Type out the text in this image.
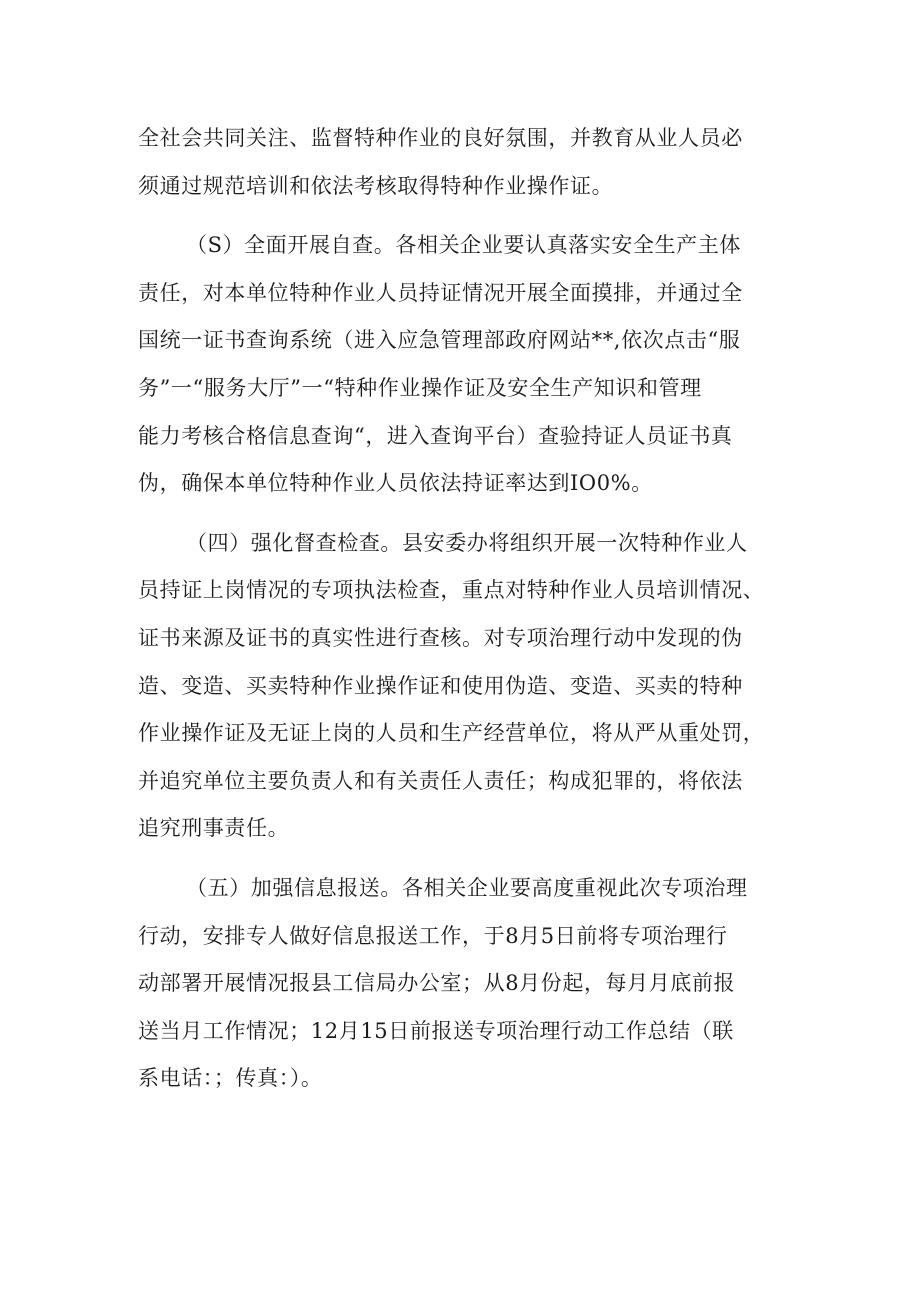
全社会共同关注、监督特种作业的良好氛围，并教育从业人员必
须通过规范培训和依法考核取得特种作业操作证。
（S）全面开展自查。各相关企业要认真落实安全生产主体
责任，对本单位特种作业人员持证情况开展全面摸排，并通过全
国统一证书查询系统（进入应急管理部政府网站**,依次点击“服
务”一“服务大厅”一“特种作业操作证及安全生产知识和管理
能力考核合格信息查询“，进入查询平台）查验持证人员证书真
伪，确保本单位特种作业人员依法持证率达到IO0%。
（四）强化督查检查。县安委办将组织开展一次特种作业人
员持证上岗情况的专项执法检查，重点对特种作业人员培训情况、
证书来源及证书的真实性进行查核。对专项治理行动中发现的伪
造、变造、买卖特种作业操作证和使用伪造、变造、买卖的特种
作业操作证及无证上岗的人员和生产经营单位，将从严从重处罚，
并追究单位主要负责人和有关责任人责任；构成犯罪的，将依法
追究刑事责任。
（五）加强信息报送。各相关企业要高度重视此次专项治理
行动，安排专人做好信息报送工作，于8月5日前将专项治理行
动部署开展情况报县工信局办公室；从8月份起，每月月底前报
送当月工作情况；12月15日前报送专项治理行动工作总结（联
系电话：；传真：）。
